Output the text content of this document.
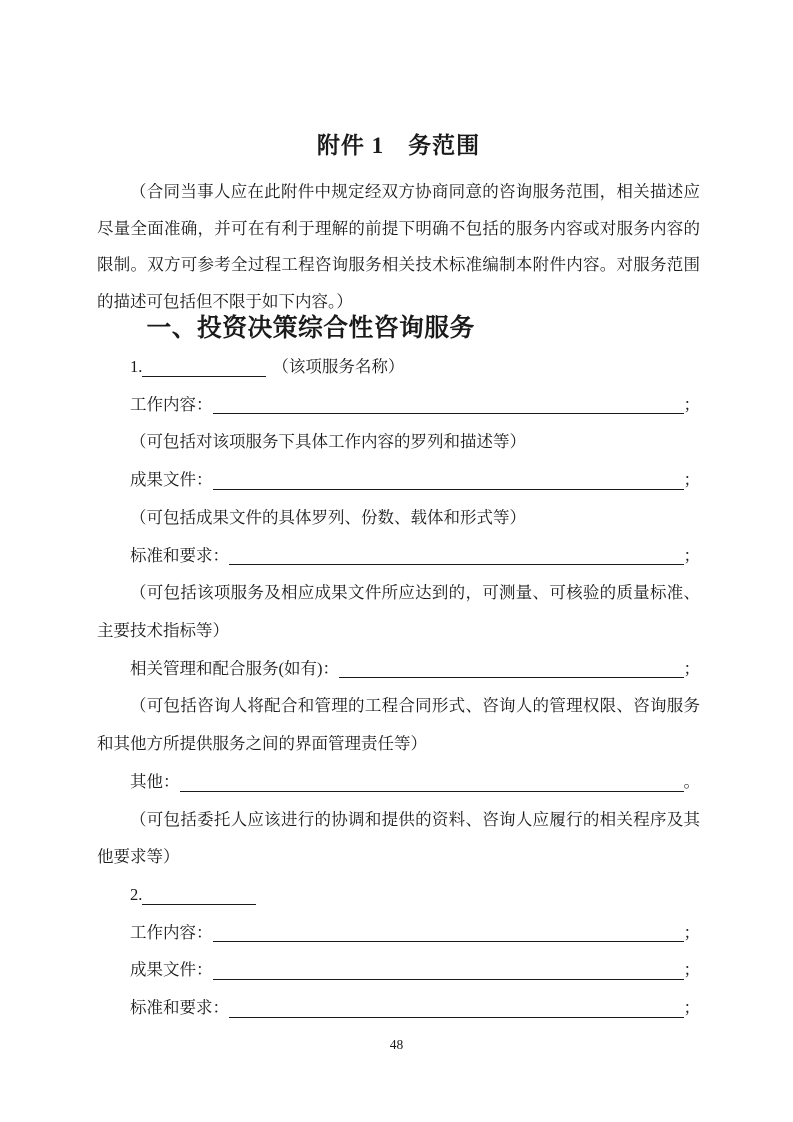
附件 1　务范围

（合同当事人应在此附件中规定经双方协商同意的咨询服务范围，相关描述应尽量全面准确，并可在有利于理解的前提下明确不包括的服务内容或对服务内容的限制。双方可参考全过程工程咨询服务相关技术标准编制本附件内容。对服务范围的描述可包括但不限于如下内容。）

一、投资决策综合性咨询服务
1.	（该项服务名称）
工作内容：	；

（可包括对该项服务下具体工作内容的罗列和描述等）

成果文件：	；

（可包括成果文件的具体罗列、份数、载体和形式等）

标准和要求：	；

（可包括该项服务及相应成果文件所应达到的，可测量、可核验的质量标准、主要技术指标等）

相关管理和配合服务(如有)：	；

（可包括咨询人将配合和管理的工程合同形式、咨询人的管理权限、咨询服务和其他方所提供服务之间的界面管理责任等）

其他：	。

（可包括委托人应该进行的协调和提供的资料、咨询人应履行的相关程序及其他要求等）

2.
工作内容：	；
成果文件：	；
标准和要求：	；
48
